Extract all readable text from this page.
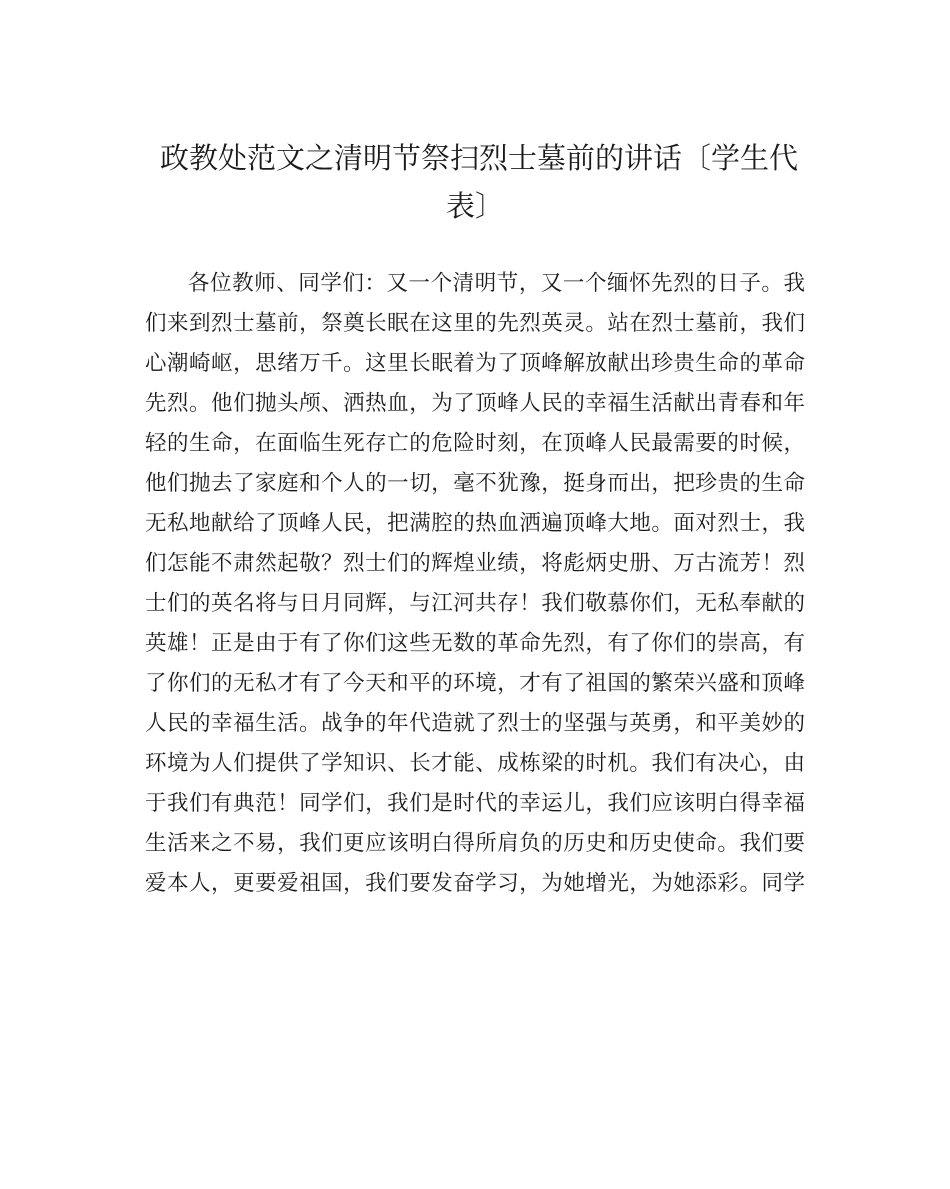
政教处范文之清明节祭扫烈士墓前的讲话〔学生代
表〕
各位教师、同学们：又一个清明节，又一个缅怀先烈的日子。我
们来到烈士墓前，祭奠长眠在这里的先烈英灵。站在烈士墓前，我们
心潮崎岖，思绪万千。这里长眠着为了顶峰解放献出珍贵生命的革命
先烈。他们抛头颅、洒热血，为了顶峰人民的幸福生活献出青春和年
轻的生命，在面临生死存亡的危险时刻，在顶峰人民最需要的时候，
他们抛去了家庭和个人的一切，毫不犹豫，挺身而出，把珍贵的生命
无私地献给了顶峰人民，把满腔的热血洒遍顶峰大地。面对烈士，我
们怎能不肃然起敬？烈士们的辉煌业绩，将彪炳史册、万古流芳！烈
士们的英名将与日月同辉，与江河共存！我们敬慕你们，无私奉献的
英雄！正是由于有了你们这些无数的革命先烈，有了你们的崇高，有
了你们的无私才有了今天和平的环境，才有了祖国的繁荣兴盛和顶峰
人民的幸福生活。战争的年代造就了烈士的坚强与英勇，和平美妙的
环境为人们提供了学知识、长才能、成栋梁的时机。我们有决心，由
于我们有典范！同学们，我们是时代的幸运儿，我们应该明白得幸福
生活来之不易，我们更应该明白得所肩负的历史和历史使命。我们要
爱本人，更要爱祖国，我们要发奋学习，为她增光，为她添彩。同学
